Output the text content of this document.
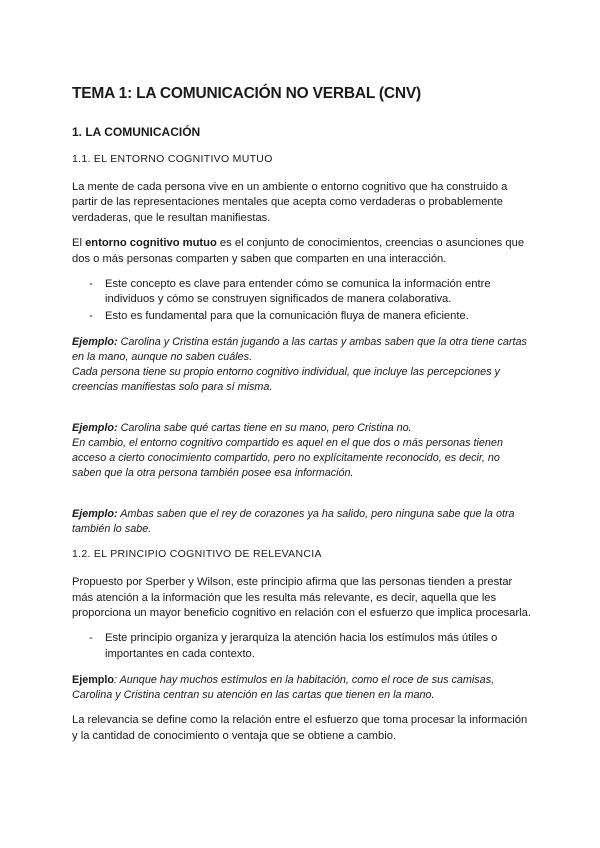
TEMA 1: LA COMUNICACIÓN NO VERBAL (CNV)
1. LA COMUNICACIÓN
1.1. EL ENTORNO COGNITIVO MUTUO

La mente de cada persona vive en un ambiente o entorno cognitivo que ha construido a partir de las representaciones mentales que acepta como verdaderas o probablemente verdaderas, que le resultan manifiestas.

El entorno cognitivo mutuo es el conjunto de conocimientos, creencias o asunciones que dos o más personas comparten y saben que comparten en una interacción.

- Este concepto es clave para entender cómo se comunica la información entre individuos y cómo se construyen significados de manera colaborativa.
- Esto es fundamental para que la comunicación fluya de manera eficiente.
Ejemplo: Carolina y Cristina están jugando a las cartas y ambas saben que la otra tiene cartas en la mano, aunque no saben cuáles.
Cada persona tiene su propio entorno cognitivo individual, que incluye las percepciones y creencias manifiestas solo para sí misma.
Ejemplo: Carolina sabe qué cartas tiene en su mano, pero Cristina no.
En cambio, el entorno cognitivo compartido es aquel en el que dos o más personas tienen acceso a cierto conocimiento compartido, pero no explícitamente reconocido, es decir, no saben que la otra persona también posee esa información.
Ejemplo: Ambas saben que el rey de corazones ya ha salido, pero ninguna sabe que la otra también lo sabe.
1.2. EL PRINCIPIO COGNITIVO DE RELEVANCIA

Propuesto por Sperber y Wilson, este principio afirma que las personas tienden a prestar más atención a la información que les resulta más relevante, es decir, aquella que les proporciona un mayor beneficio cognitivo en relación con el esfuerzo que implica procesarla.

- Este principio organiza y jerarquiza la atención hacia los estímulos más útiles o importantes en cada contexto.
Ejemplo: Aunque hay muchos estímulos en la habitación, como el roce de sus camisas, Carolina y Cristina centran su atención en las cartas que tienen en la mano.

La relevancia se define como la relación entre el esfuerzo que toma procesar la información y la cantidad de conocimiento o ventaja que se obtiene a cambio.
